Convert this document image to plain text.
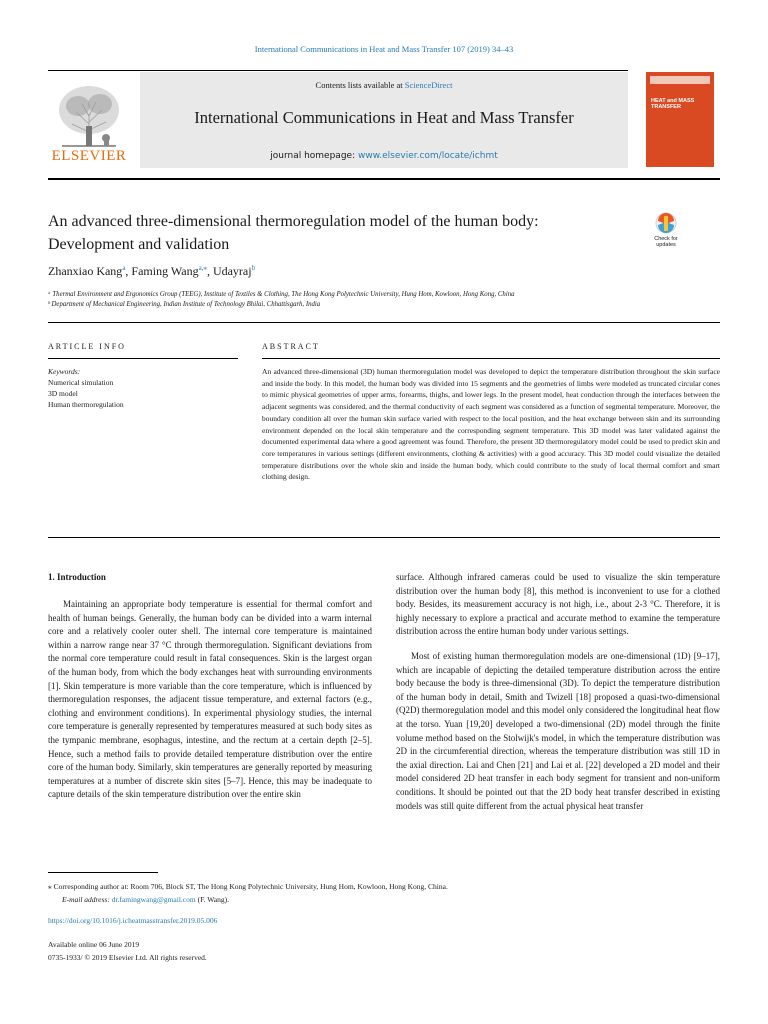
International Communications in Heat and Mass Transfer 107 (2019) 34–43
ELSEVIER
Contents lists available at ScienceDirect
International Communications in Heat and Mass Transfer
journal homepage: www.elsevier.com/locate/ichmt
HEAT and MASS TRANSFER
An advanced three-dimensional thermoregulation model of the human body: Development and validation	Check for updates
Zhanxiao Kang$^a$, Faming Wang$^{a,⁎}$, Udayraj$^b$
ᵃ Thermal Environment and Ergonomics Group (TEEG), Institute of Textiles & Clothing, The Hong Kong Polytechnic University, Hung Hom, Kowloon, Hong Kong, China
ᵇ Department of Mechanical Engineering, Indian Institute of Technology Bhilai, Chhattisgarh, India
ARTICLE INFO	ABSTRACT
Keywords:
Numerical simulation
3D model
Human thermoregulation
An advanced three-dimensional (3D) human thermoregulation model was developed to depict the temperature distribution throughout the skin surface and inside the body. In this model, the human body was divided into 15 segments and the geometries of limbs were modeled as truncated circular cones to mimic physical geometries of upper arms, forearms, thighs, and lower legs. In the present model, heat conduction through the interfaces between the adjacent segments was considered, and the thermal conductivity of each segment was considered as a function of segmental temperature. Moreover, the boundary condition all over the human skin surface varied with respect to the local position, and the heat exchange between skin and its surrounding environment depended on the local skin temperature and the corresponding segment temperature. This 3D model was later validated against the documented experimental data where a good agreement was found. Therefore, the present 3D thermoregulatory model could be used to predict skin and core temperatures in various settings (different environments, clothing & activities) with a good accuracy. This 3D model could visualize the detailed temperature distributions over the whole skin and inside the human body, which could contribute to the study of local thermal comfort and smart clothing design.
1. Introduction
Maintaining an appropriate body temperature is essential for thermal comfort and health of human beings. Generally, the human body can be divided into a warm internal core and a relatively cooler outer shell. The internal core temperature is maintained within a narrow range near 37 °C through thermoregulation. Significant deviations from the normal core temperature could result in fatal consequences. Skin is the largest organ of the human body, from which the body exchanges heat with surrounding environments [1]. Skin temperature is more variable than the core temperature, which is influenced by thermoregulation responses, the adjacent tissue temperature, and external factors (e.g., clothing and environment conditions). In experimental physiology studies, the internal core temperature is generally represented by temperatures measured at such body sites as the tympanic membrane, esophagus, intestine, and the rectum at a certain depth [2–5]. Hence, such a method fails to provide detailed temperature distribution over the entire core of the human body. Similarly, skin temperatures are generally reported by measuring temperatures at a number of discrete skin sites [5–7]. Hence, this may be inadequate to capture details of the skin temperature distribution over the entire skin
surface. Although infrared cameras could be used to visualize the skin temperature distribution over the human body [8], this method is inconvenient to use for a clothed body. Besides, its measurement accuracy is not high, i.e., about 2-3 °C. Therefore, it is highly necessary to explore a practical and accurate method to examine the temperature distribution across the entire human body under various settings.
Most of existing human thermoregulation models are one-dimensional (1D) [9–17], which are incapable of depicting the detailed temperature distribution across the entire body because the body is three-dimensional (3D). To depict the temperature distribution of the human body in detail, Smith and Twizell [18] proposed a quasi-two-dimensional (Q2D) thermoregulation model and this model only considered the longitudinal heat flow at the torso. Yuan [19,20] developed a two-dimensional (2D) model through the finite volume method based on the Stolwijk's model, in which the temperature distribution was 2D in the circumferential direction, whereas the temperature distribution was still 1D in the axial direction. Lai and Chen [21] and Lai et al. [22] developed a 2D model and their model considered 2D heat transfer in each body segment for transient and non-uniform conditions. It should be pointed out that the 2D body heat transfer described in existing models was still quite different from the actual physical heat transfer
⁎ Corresponding author at: Room 706, Block ST, The Hong Kong Polytechnic University, Hung Hom, Kowloon, Hong Kong, China.
E-mail address: dr.famingwang@gmail.com (F. Wang).
https://doi.org/10.1016/j.icheatmasstransfer.2019.05.006
Available online 06 June 2019
0735-1933/ © 2019 Elsevier Ltd. All rights reserved.
